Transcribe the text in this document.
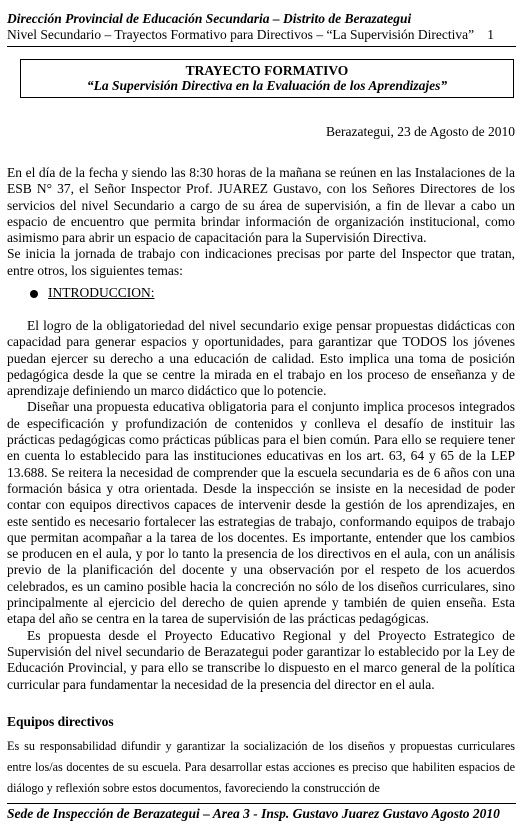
Dirección Provincial de Educación Secundaria – Distrito de Berazategui
Nivel Secundario – Trayectos Formativo para Directivos – “La Supervisión Directiva” 1
TRAYECTO FORMATIVO
“La Supervisión Directiva en la Evaluación de los Aprendizajes”
Berazategui, 23 de Agosto de 2010

En el día de la fecha y siendo las 8:30 horas de la mañana se reúnen en las Instalaciones de la ESB N° 37, el Señor Inspector Prof. JUAREZ Gustavo, con los Señores Directores de los servicios del nivel Secundario a cargo de su área de supervisión, a fin de llevar a cabo un espacio de encuentro que permita brindar información de organización institucional, como asimismo para abrir un espacio de capacitación para la Supervisión Directiva.

Se inicia la jornada de trabajo con indicaciones precisas por parte del Inspector que tratan, entre otros, los siguientes temas:

INTRODUCCION:

El logro de la obligatoriedad del nivel secundario exige pensar propuestas didácticas con capacidad para generar espacios y oportunidades, para garantizar que TODOS los jóvenes puedan ejercer su derecho a una educación de calidad. Esto implica una toma de posición pedagógica desde la que se centre la mirada en el trabajo en los proceso de enseñanza y de aprendizaje definiendo un marco didáctico que lo potencie.

Diseñar una propuesta educativa obligatoria para el conjunto implica procesos integrados de especificación y profundización de contenidos y conlleva el desafío de instituir las prácticas pedagógicas como prácticas públicas para el bien común. Para ello se requiere tener en cuenta lo establecido para las instituciones educativas en los art. 63, 64 y 65 de la LEP 13.688. Se reitera la necesidad de comprender que la escuela secundaria es de 6 años con una formación básica y otra orientada. Desde la inspección se insiste en la necesidad de poder contar con equipos directivos capaces de intervenir desde la gestión de los aprendizajes, en este sentido es necesario fortalecer las estrategias de trabajo, conformando equipos de trabajo que permitan acompañar a la tarea de los docentes. Es importante, entender que los cambios se producen en el aula, y por lo tanto la presencia de los directivos en el aula, con un análisis previo de la planificación del docente y una observación por el respeto de los acuerdos celebrados, es un camino posible hacia la concreción no sólo de los diseños curriculares, sino principalmente al ejercicio del derecho de quien aprende y también de quien enseña. Esta etapa del año se centra en la tarea de supervisión de las prácticas pedagógicas.

Es propuesta desde el Proyecto Educativo Regional y del Proyecto Estrategico de Supervisión del nivel secundario de Berazategui poder garantizar lo establecido por la Ley de Educación Provincial, y para ello se transcribe lo dispuesto en el marco general de la política curricular para fundamentar la necesidad de la presencia del director en el aula.

Equipos directivos
Es su responsabilidad difundir y garantizar la socialización de los diseños y propuestas curriculares entre los/as docentes de su escuela. Para desarrollar estas acciones es preciso que habiliten espacios de diálogo y reflexión sobre estos documentos, favoreciendo la construcción de
Sede de Inspección de Berazategui – Area 3 - Insp. Gustavo Juarez Gustavo Agosto 2010
